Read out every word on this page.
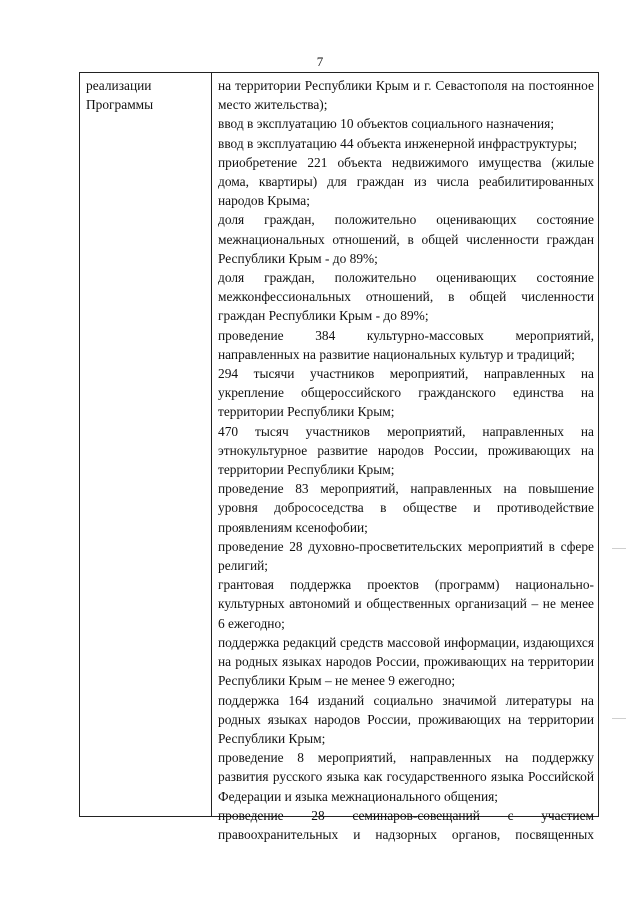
7
реализации Программы

на территории Республики Крым и г. Севастополя на постоянное место жительства);

ввод в эксплуатацию 10 объектов социального назначения;

ввод в эксплуатацию 44 объекта инженерной инфраструктуры;

приобретение 221 объекта недвижимого имущества (жилые дома, квартиры) для граждан из числа реабилитированных народов Крыма;

доля граждан, положительно оценивающих состояние межнациональных отношений, в общей численности граждан Республики Крым - до 89%;

доля граждан, положительно оценивающих состояние межконфессиональных отношений, в общей численности граждан Республики Крым - до 89%;

проведение 384 культурно-массовых мероприятий, направленных на развитие национальных культур и традиций;

294 тысячи участников мероприятий, направленных на укрепление общероссийского гражданского единства на территории Республики Крым;

470 тысяч участников мероприятий, направленных на этнокультурное развитие народов России, проживающих на территории Республики Крым;

проведение 83 мероприятий, направленных на повышение уровня добрососедства в обществе и противодействие проявлениям ксенофобии;

проведение 28 духовно-просветительских мероприятий в сфере религий;

грантовая поддержка проектов (программ) национально-культурных автономий и общественных организаций – не менее 6 ежегодно;

поддержка редакций средств массовой информации, издающихся на родных языках народов России, проживающих на территории Республики Крым – не менее 9 ежегодно;

поддержка 164 изданий социально значимой литературы на родных языках народов России, проживающих на территории Республики Крым;

проведение 8 мероприятий, направленных на поддержку развития русского языка как государственного языка Российской Федерации и языка межнационального общения;

проведение 28 семинаров-совещаний с участием правоохранительных и надзорных органов, посвященных
